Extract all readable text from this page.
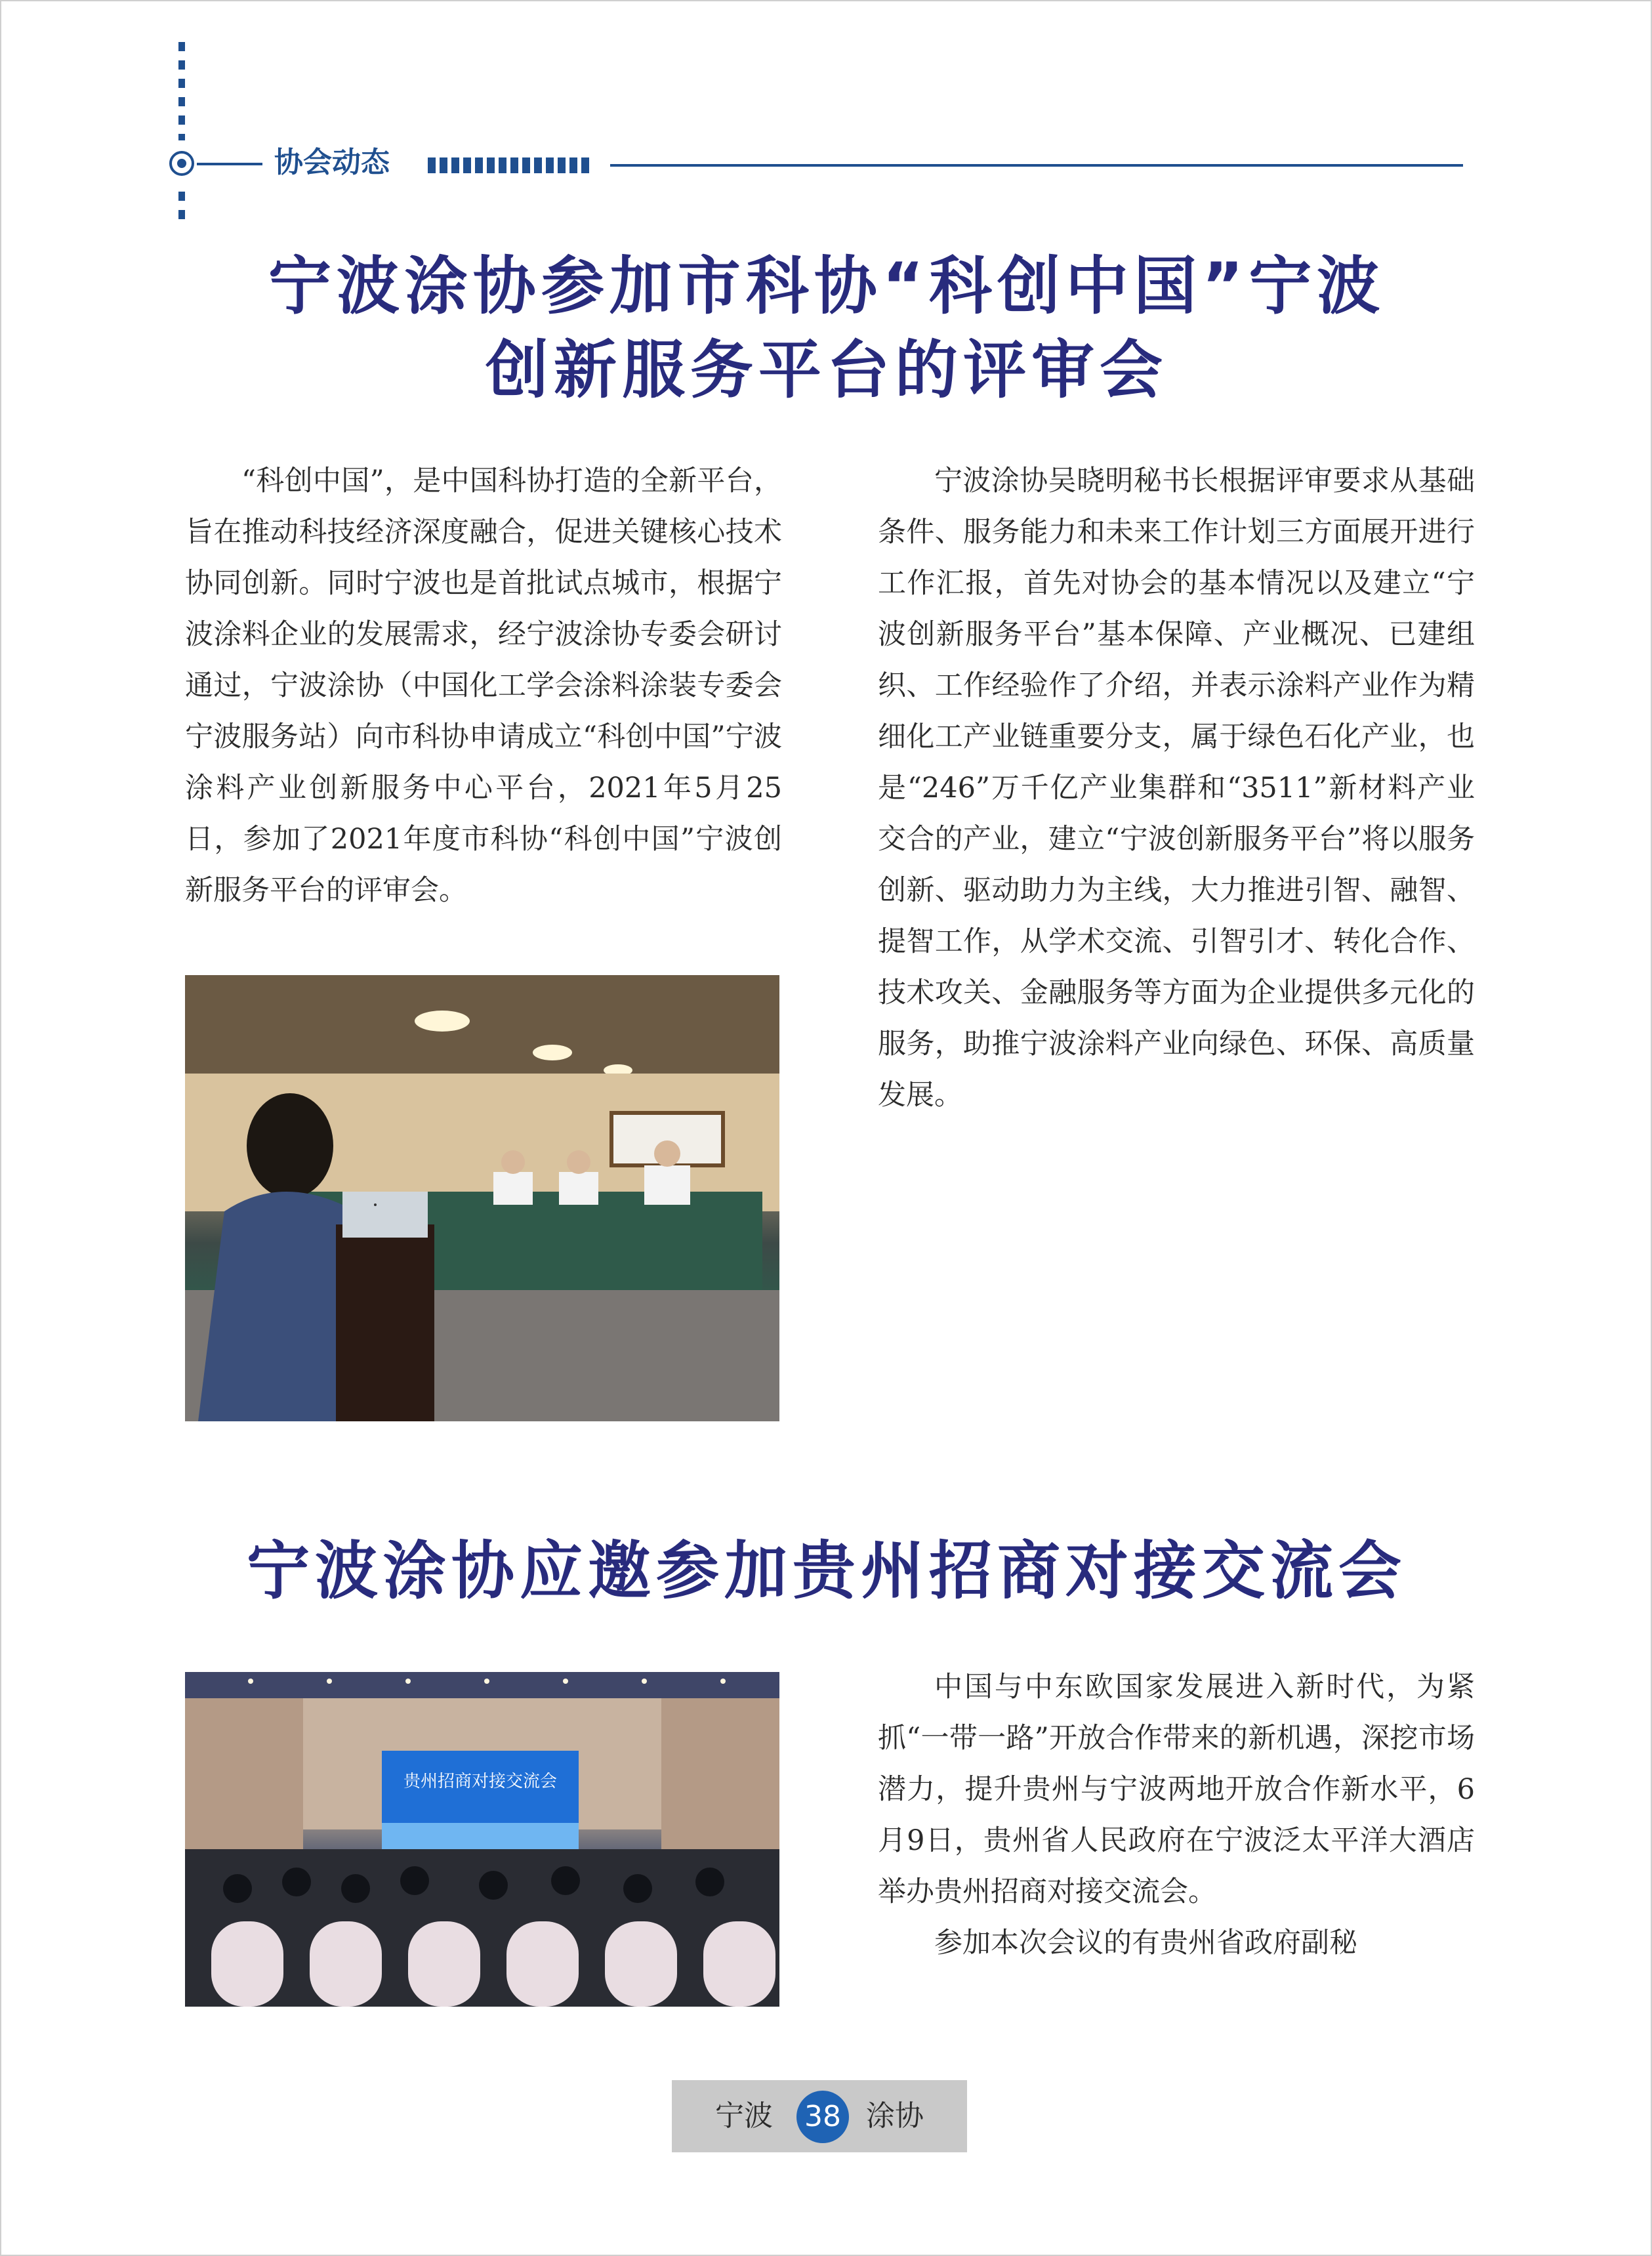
协会动态
宁波涂协参加市科协“科创中国”宁波
创新服务平台的评审会

“科创中国”，是中国科协打造的全新平台，旨在推动科技经济深度融合，促进关键核心技术协同创新。同时宁波也是首批试点城市，根据宁波涂料企业的发展需求，经宁波涂协专委会研讨通过，宁波涂协（中国化工学会涂料涂装专委会宁波服务站）向市科协申请成立“科创中国”宁波涂料产业创新服务中心平台，2021年5月25日，参加了2021年度市科协“科创中国”宁波创新服务平台的评审会。

宁波涂协吴晓明秘书长根据评审要求从基础条件、服务能力和未来工作计划三方面展开进行工作汇报，首先对协会的基本情况以及建立“宁波创新服务平台”基本保障、产业概况、已建组织、工作经验作了介绍，并表示涂料产业作为精细化工产业链重要分支，属于绿色石化产业，也是“246”万千亿产业集群和“3511”新材料产业交合的产业，建立“宁波创新服务平台”将以服务创新、驱动助力为主线，大力推进引智、融智、提智工作，从学术交流、引智引才、转化合作、技术攻关、金融服务等方面为企业提供多元化的服务，助推宁波涂料产业向绿色、环保、高质量发展。

宁波涂协应邀参加贵州招商对接交流会
贵州招商对接交流会

中国与中东欧国家发展进入新时代，为紧抓“一带一路”开放合作带来的新机遇，深挖市场潜力，提升贵州与宁波两地开放合作新水平，6月9日，贵州省人民政府在宁波泛太平洋大酒店举办贵州招商对接交流会。

参加本次会议的有贵州省政府副秘

宁波 38 涂协
